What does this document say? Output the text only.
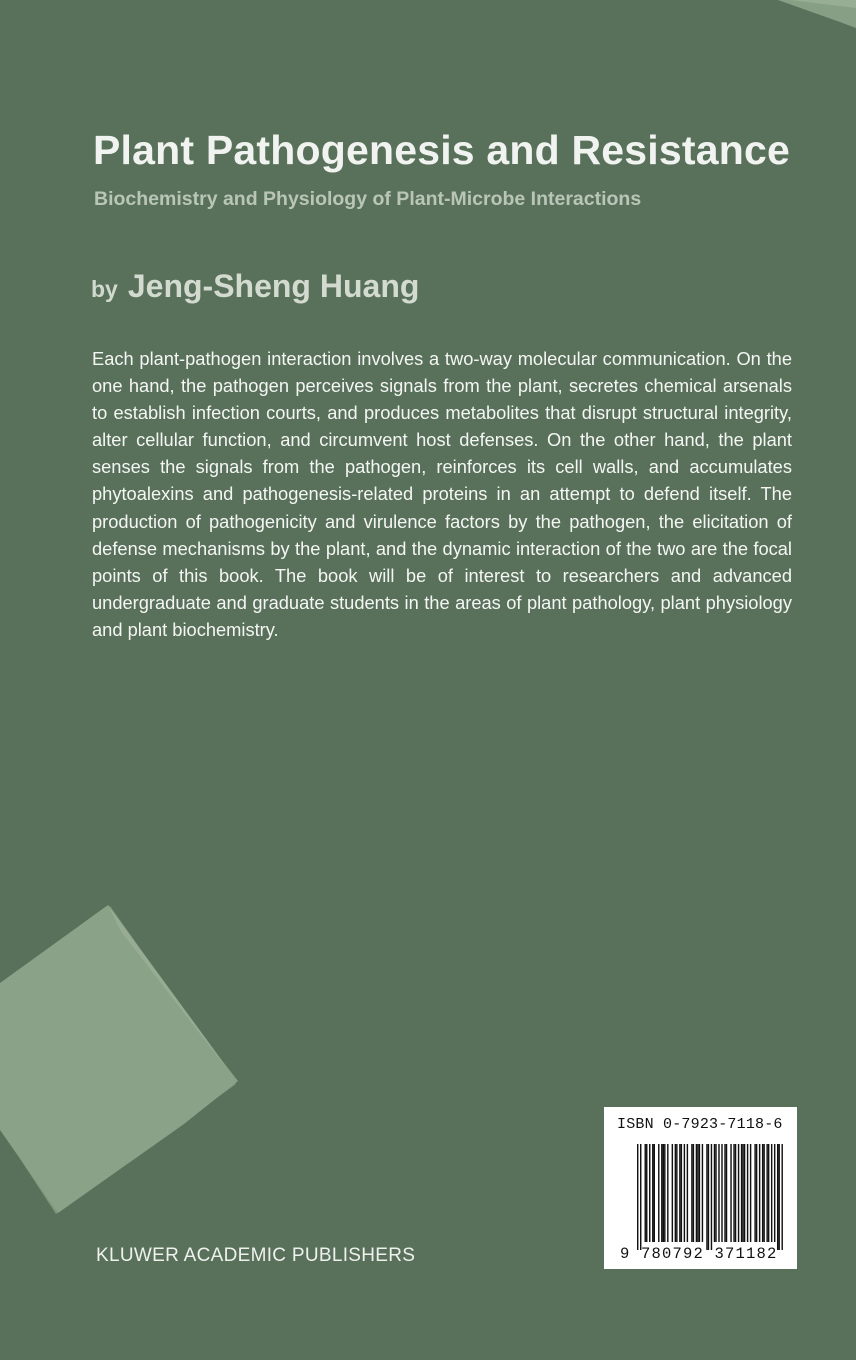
Plant Pathogenesis and Resistance
Biochemistry and Physiology of Plant-Microbe Interactions
by Jeng-Sheng Huang

Each plant-pathogen interaction involves a two-way molecular communication. On the one hand, the pathogen perceives signals from the plant, secretes chemical arsenals to establish infection courts, and produces metabolites that disrupt structural integrity, alter cellular function, and circumvent host defenses. On the other hand, the plant senses the signals from the pathogen, reinforces its cell walls, and accumulates phytoalexins and pathogenesis-related proteins in an attempt to defend itself. The production of pathogenicity and virulence factors by the pathogen, the elicitation of defense mechanisms by the plant, and the dynamic interaction of the two are the focal points of this book. The book will be of interest to researchers and advanced undergraduate and graduate students in the areas of plant pathology, plant physiology and plant biochemistry.

KLUWER ACADEMIC PUBLISHERS
ISBN 0-7923-7118-6
9 780792 371182
